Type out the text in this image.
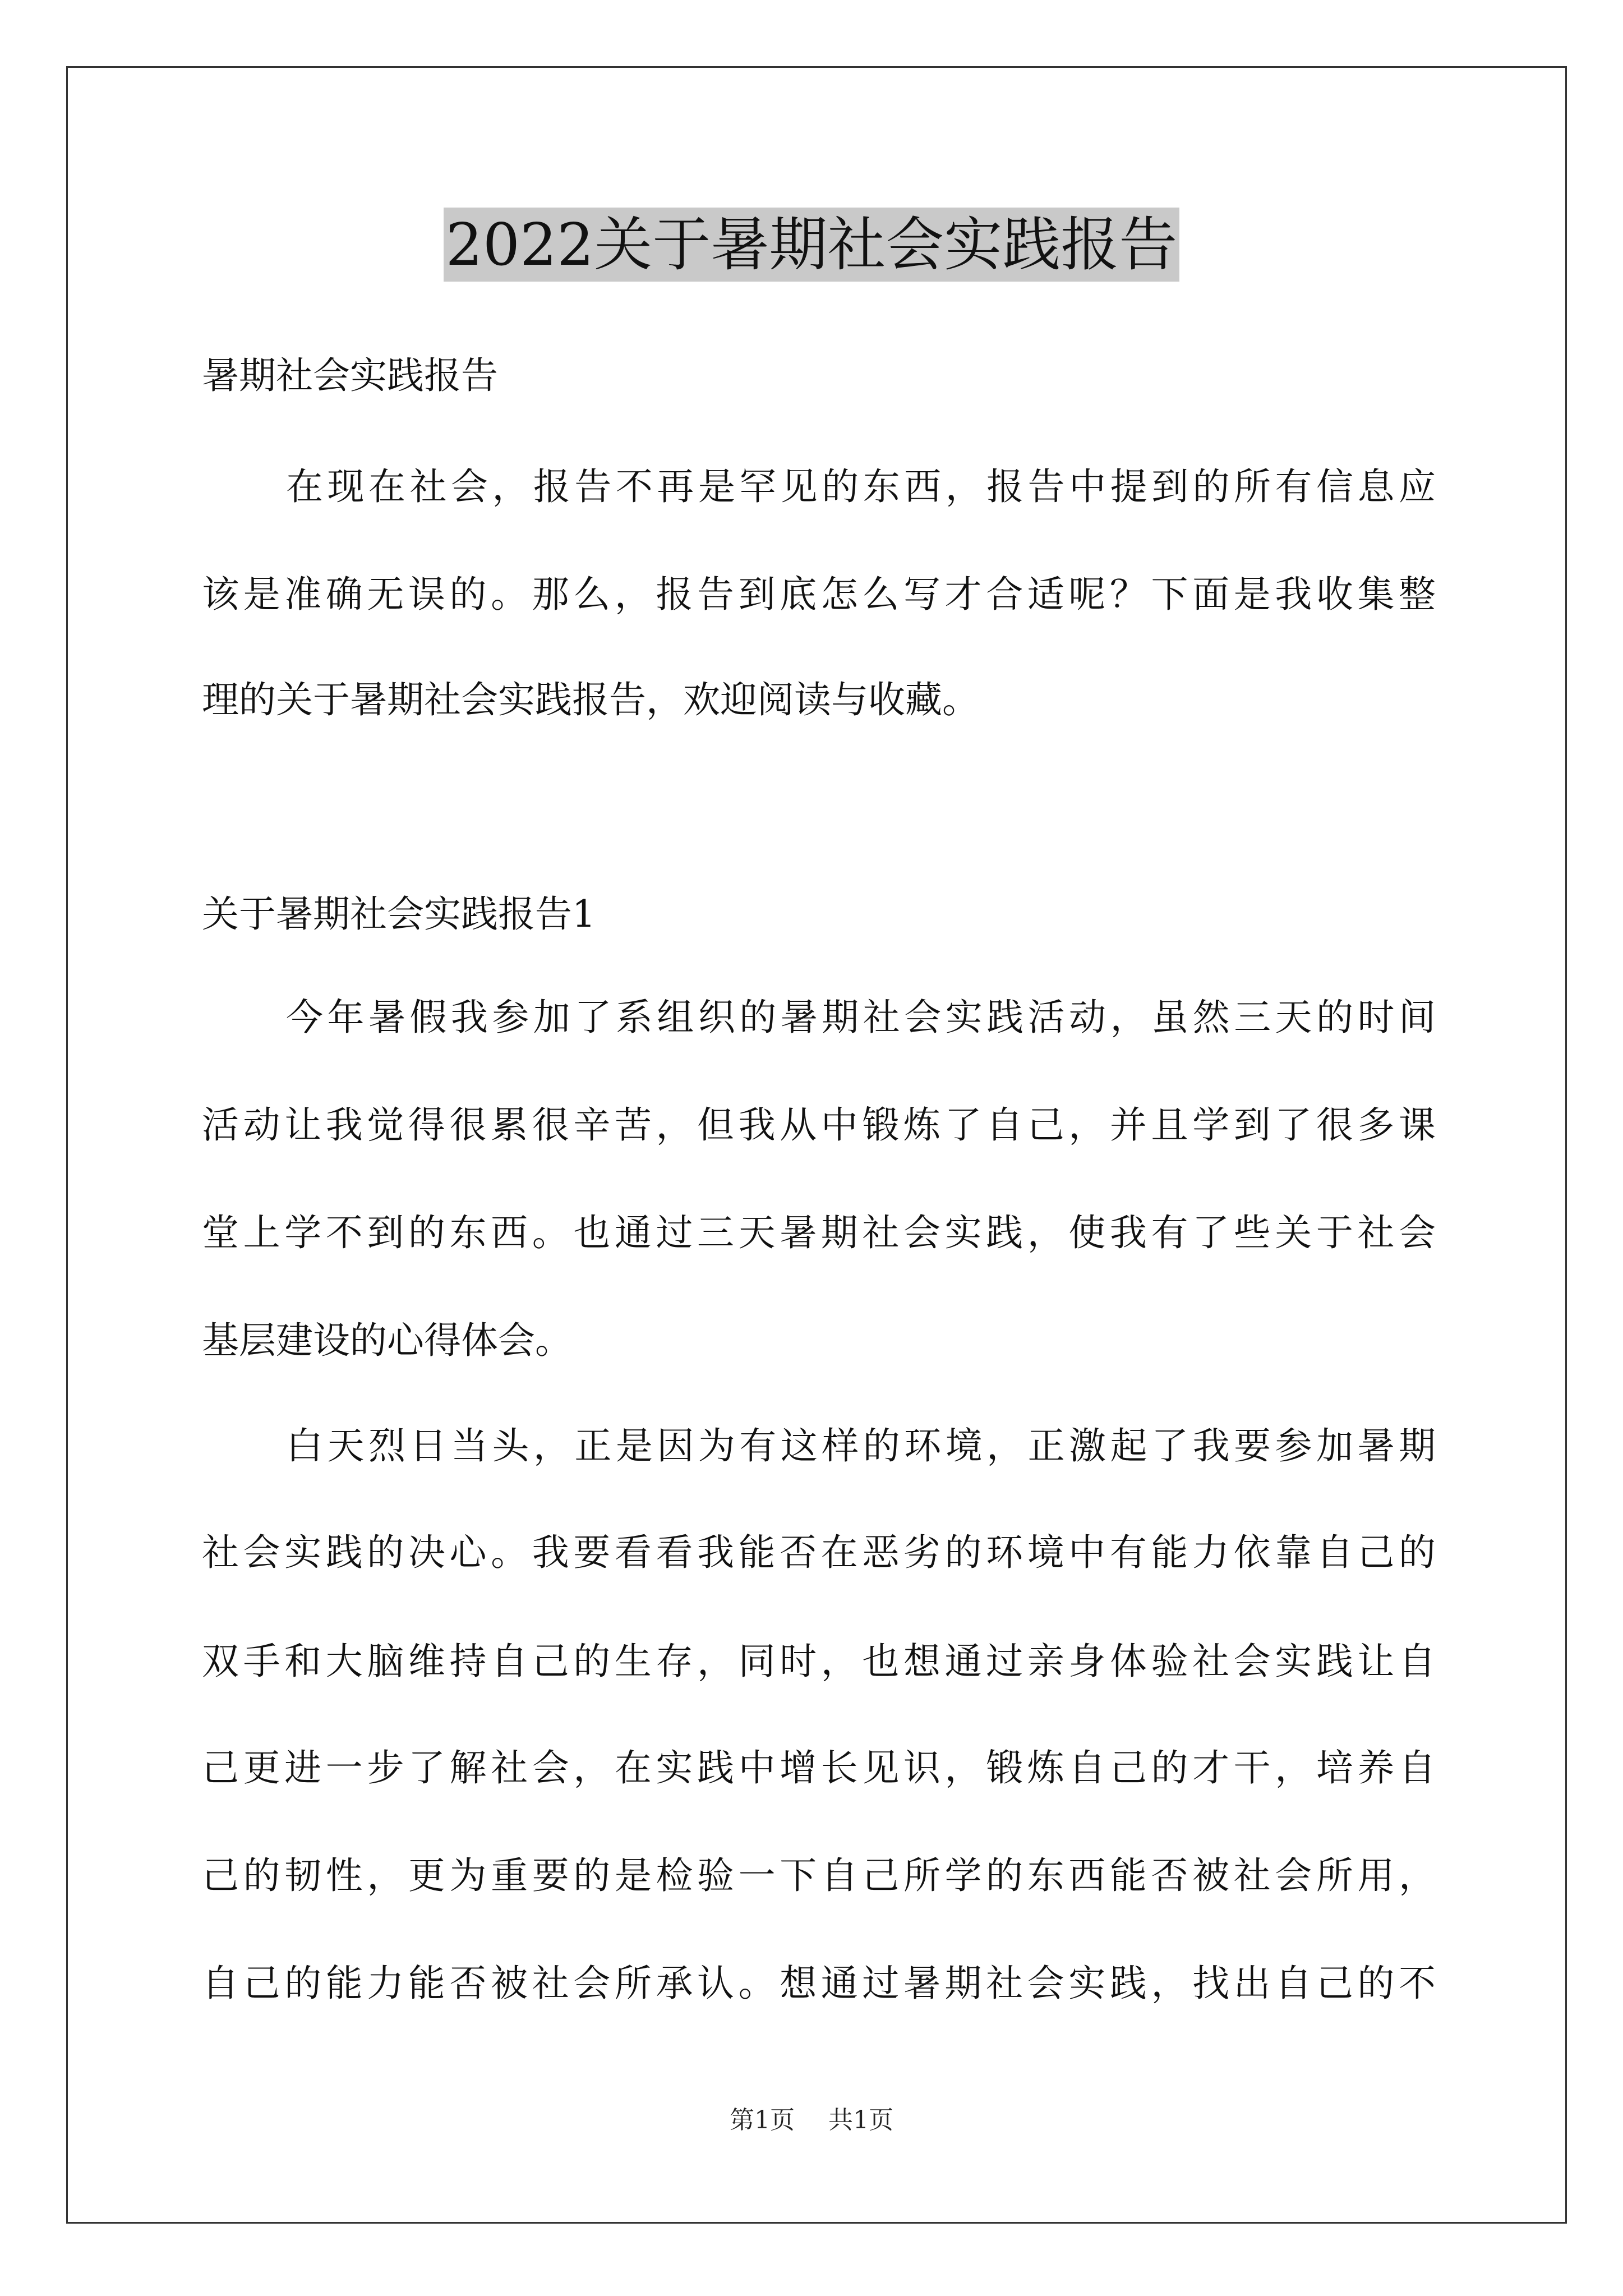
2022关于暑期社会实践报告
暑期社会实践报告
在现在社会，报告不再是罕见的东西，报告中提到的所有信息应
该是准确无误的。那么，报告到底怎么写才合适呢？下面是我收集整
理的关于暑期社会实践报告，欢迎阅读与收藏。
关于暑期社会实践报告1
今年暑假我参加了系组织的暑期社会实践活动，虽然三天的时间
活动让我觉得很累很辛苦，但我从中锻炼了自己，并且学到了很多课
堂上学不到的东西。也通过三天暑期社会实践，使我有了些关于社会
基层建设的心得体会。
白天烈日当头，正是因为有这样的环境，正激起了我要参加暑期
社会实践的决心。我要看看我能否在恶劣的环境中有能力依靠自己的
双手和大脑维持自己的生存，同时，也想通过亲身体验社会实践让自
己更进一步了解社会，在实践中增长见识，锻炼自己的才干，培养自
己的韧性，更为重要的是检验一下自己所学的东西能否被社会所用，
自己的能力能否被社会所承认。想通过暑期社会实践，找出自己的不
第1页 共1页
